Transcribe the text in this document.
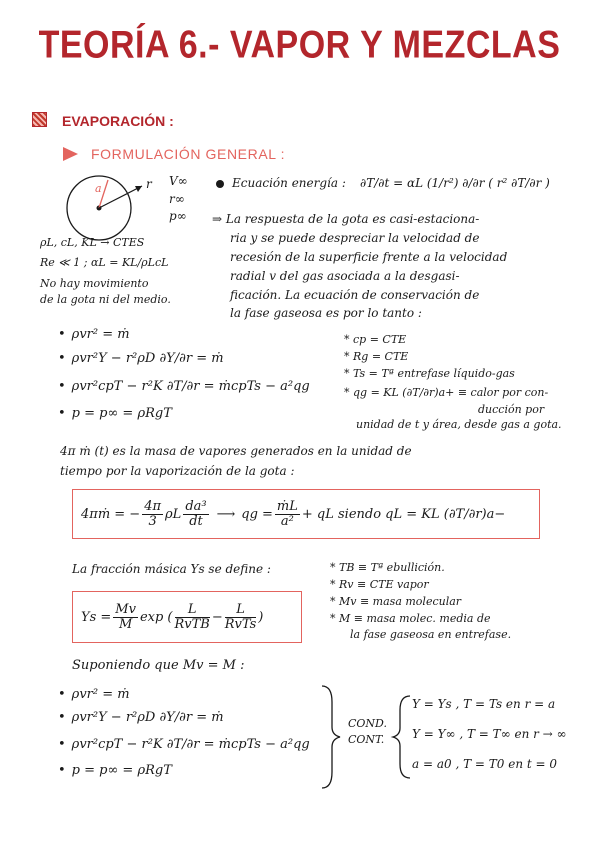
TEORÍA 6.- VAPOR Y MEZCLAS
EVAPORACIÓN :
FORMULACIÓN GENERAL :
a	r V∞
r∞
p∞
ρL, cL, KL → CTES
Re ≪ 1 ; αL = KL/ρLcL
No hay movimiento
de la gota ni del medio.
Ecuación energía : ∂T/∂t = αL (1/r²) ∂/∂r ( r² ∂T/∂r )
⇒ La respuesta de la gota es casi-estaciona-
ria y se puede despreciar la velocidad de
recesión de la superficie frente a la velocidad
radial v del gas asociada a la desgasi-
ficación. La ecuación de conservación de
la fase gaseosa es por lo tanto :
• ρvr² = ṁ
• ρvr²Y − r²ρD ∂Y/∂r = ṁ
• ρvr²cpT − r²K ∂T/∂r = ṁcpTs − a²qg
• p = p∞ = ρRgT
* cp = CTE
* Rg = CTE
* Ts = Tª entrefase líquido-gas
* qg = KL (∂T/∂r)a+ ≡ calor por con-
ducción por
unidad de t y área, desde gas a gota.
4π ṁ (t) es la masa de vapores generados en la unidad de
tiempo por la vaporización de la gota :
4πṁ = − $\frac{4\pi}{3}$ ρL $\frac{\text{da³}}{dt}$ ⟶ qg = $\frac{\text{ṁL}}{\text{a²}}$ + qL siendo qL = KL (∂T/∂r)a−
La fracción másica Ys se define :
$Ys = \frac{Mv}{M}$ exp ( $\frac{L}{\text{RvTB}} - \frac{L}{\text{RvTs}}$ )
* TB ≡ Tª ebullición.
* Rv ≡ CTE vapor
* Mv ≡ masa molecular
* M ≡ masa molec. media de
la fase gaseosa en entrefase.
Suponiendo que Mv = M :
• ρvr² = ṁ
• ρvr²Y − r²ρD ∂Y/∂r = ṁ
• ρvr²cpT − r²K ∂T/∂r = ṁcpTs − a²qg
• p = p∞ = ρRgT
COND.
CONT.
Y = Ys , T = Ts en r = a
Y = Y∞ , T = T∞ en r → ∞
a = a0 , T = T0 en t = 0
